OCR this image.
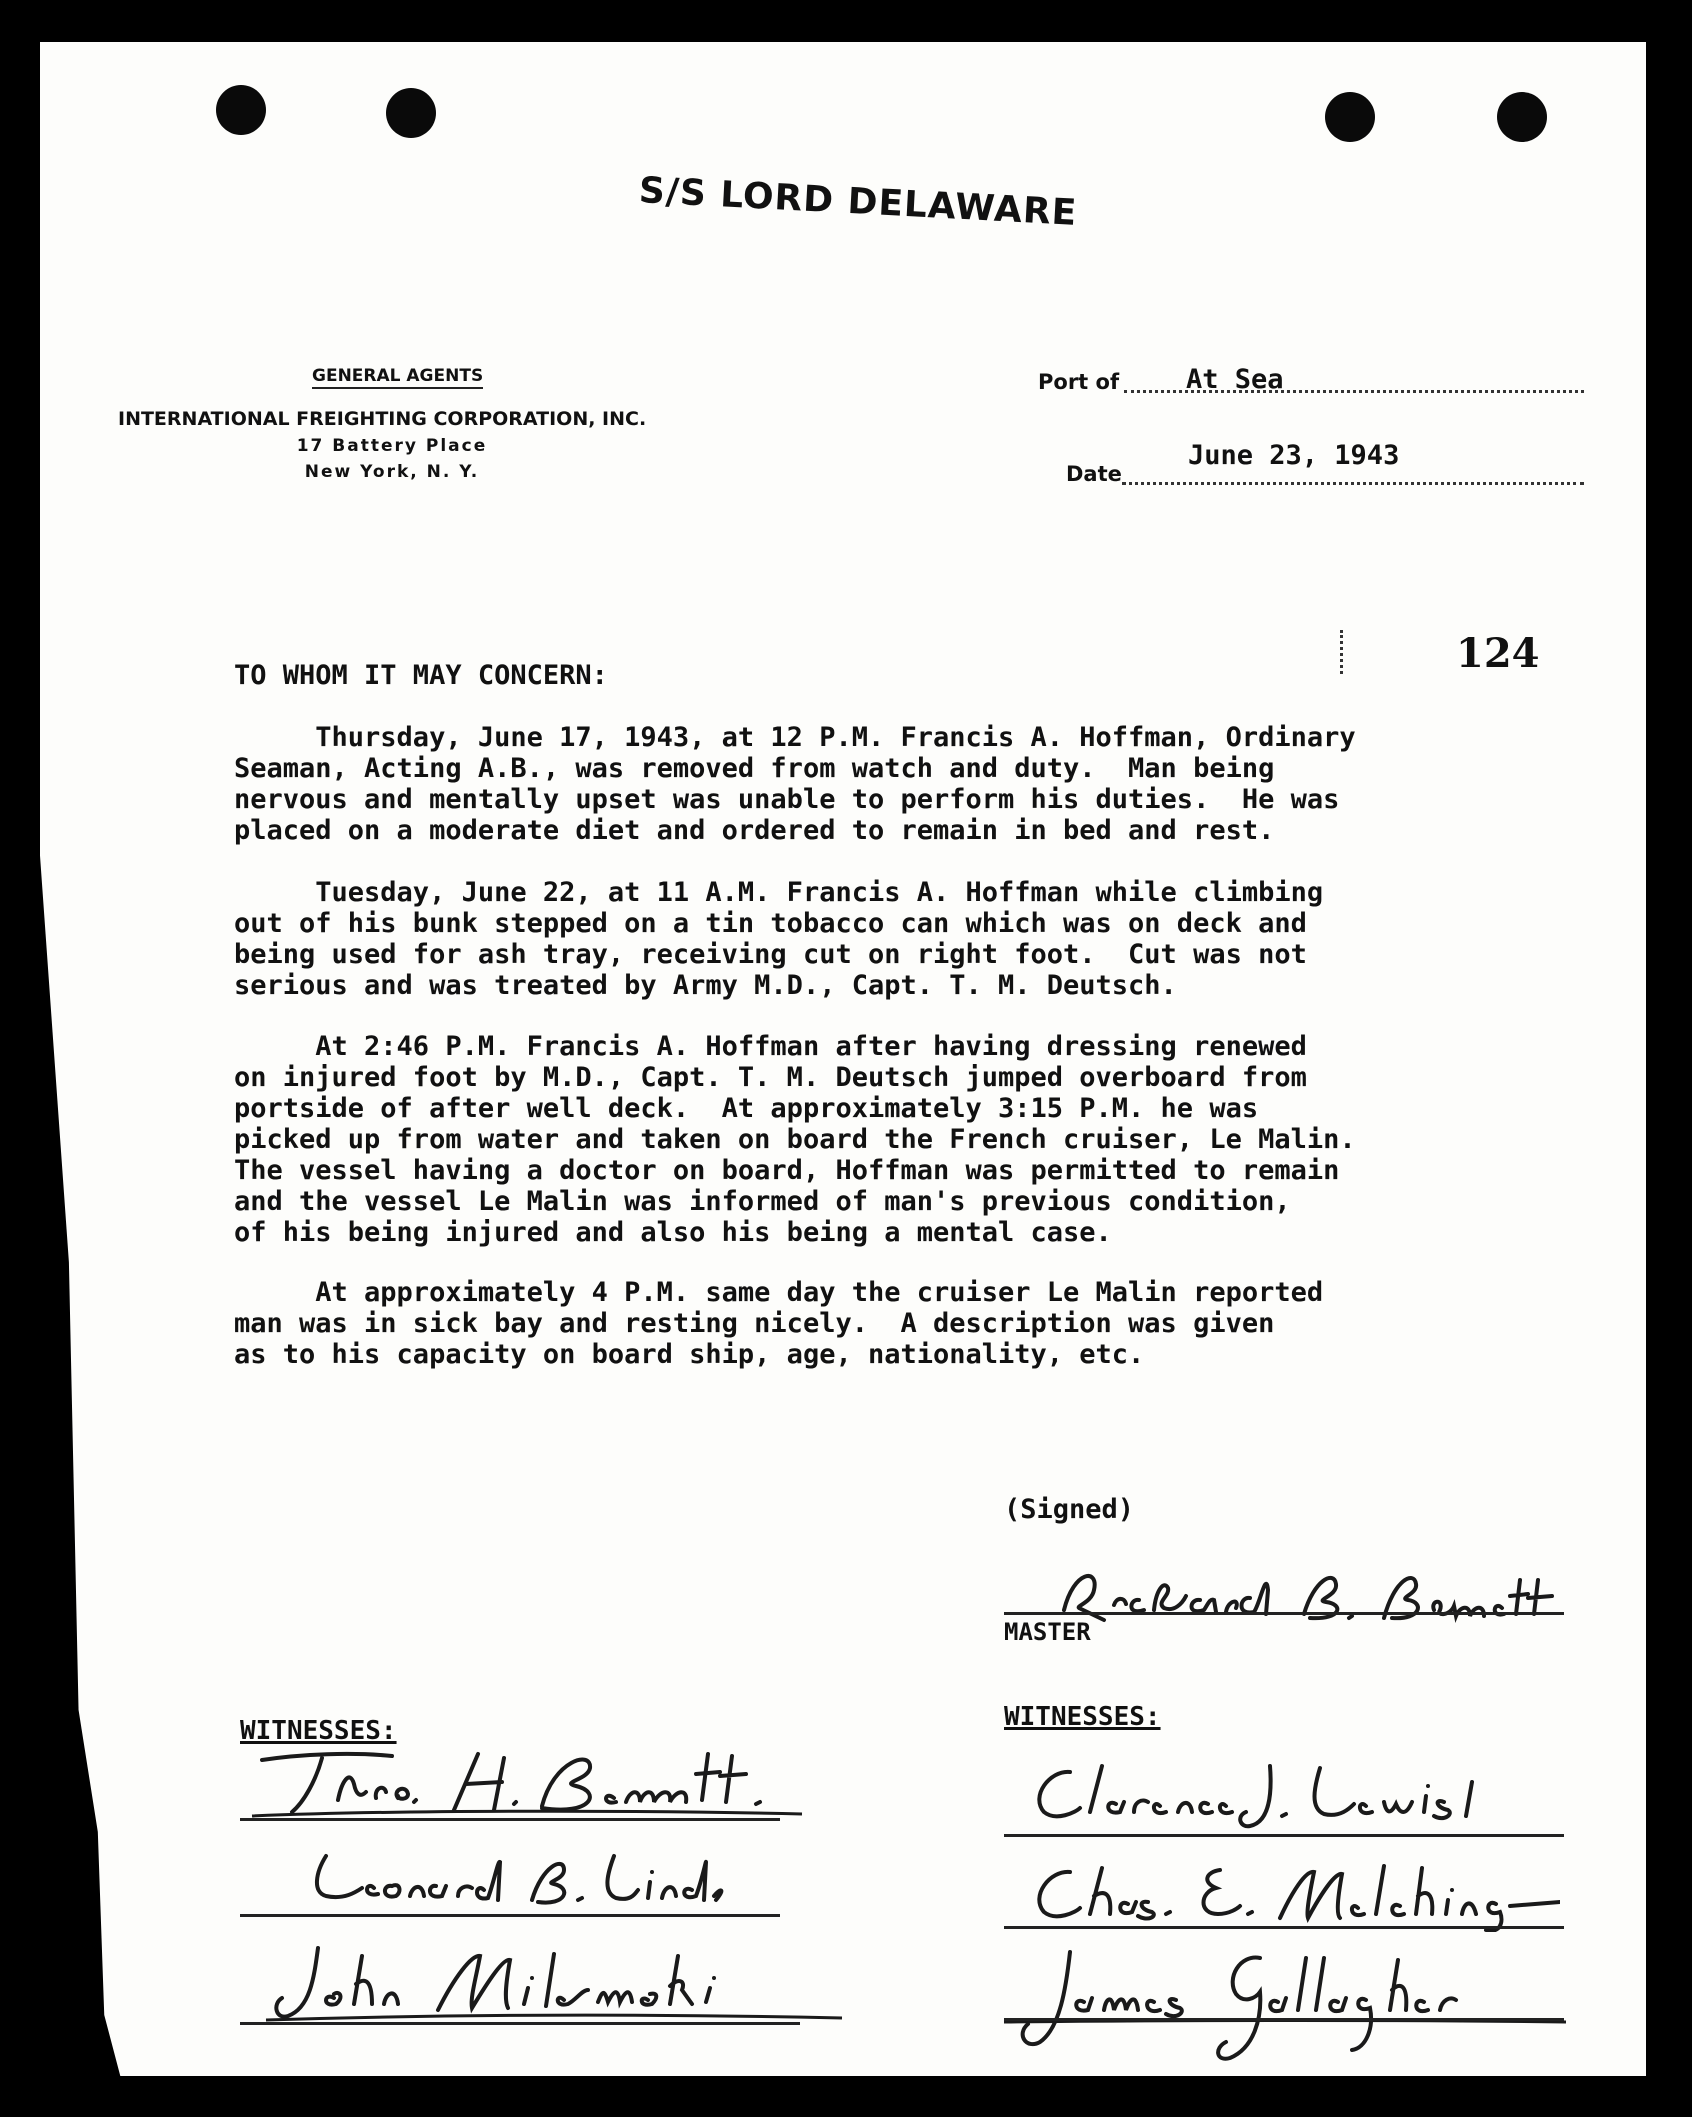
S/S LORD DELAWARE
GENERAL AGENTS
INTERNATIONAL FREIGHTING CORPORATION, INC.
17 Battery Place
New York, N. Y.
Port of At Sea
Date
June 23, 1943
124
TO WHOM IT MAY CONCERN:
Thursday, June 17, 1943, at 12 P.M. Francis A. Hoffman, Ordinary
Seaman, Acting A.B., was removed from watch and duty.  Man being
nervous and mentally upset was unable to perform his duties.  He was
placed on a moderate diet and ordered to remain in bed and rest.
Tuesday, June 22, at 11 A.M. Francis A. Hoffman while climbing
out of his bunk stepped on a tin tobacco can which was on deck and
being used for ash tray, receiving cut on right foot.  Cut was not
serious and was treated by Army M.D., Capt. T. M. Deutsch.
At 2:46 P.M. Francis A. Hoffman after having dressing renewed
on injured foot by M.D., Capt. T. M. Deutsch jumped overboard from
portside of after well deck.  At approximately 3:15 P.M. he was
picked up from water and taken on board the French cruiser, Le Malin.
The vessel having a doctor on board, Hoffman was permitted to remain
and the vessel Le Malin was informed of man's previous condition,
of his being injured and also his being a mental case.
At approximately 4 P.M. same day the cruiser Le Malin reported
man was in sick bay and resting nicely.  A description was given
as to his capacity on board ship, age, nationality, etc.
(Signed)
MASTER
WITNESSES:	WITNESSES:
